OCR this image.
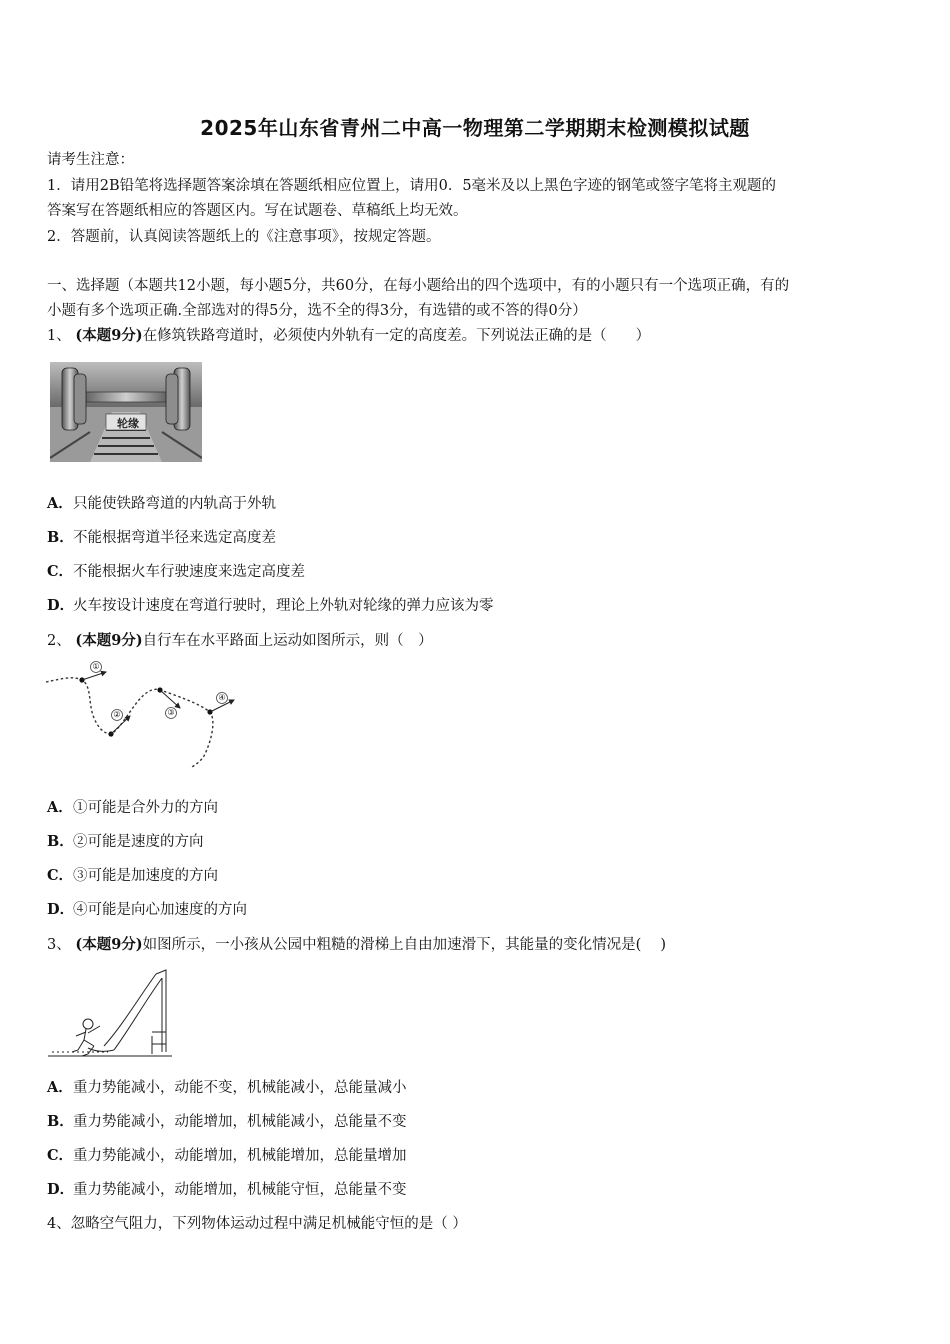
2025年山东省青州二中高一物理第二学期期末检测模拟试题
请考生注意：
1．请用2B铅笔将选择题答案涂填在答题纸相应位置上，请用0．5毫米及以上黑色字迹的钢笔或签字笔将主观题的
答案写在答题纸相应的答题区内。写在试题卷、草稿纸上均无效。
2．答题前，认真阅读答题纸上的《注意事项》，按规定答题。
一、选择题（本题共12小题，每小题5分，共60分，在每小题给出的四个选项中，有的小题只有一个选项正确，有的
小题有多个选项正确.全部选对的得5分，选不全的得3分，有选错的或不答的得0分）
1、 (本题9分)在修筑铁路弯道时，必须使内外轨有一定的高度差。下列说法正确的是（　　）
轮缘
A．只能使铁路弯道的内轨高于外轨
B．不能根据弯道半径来选定高度差
C．不能根据火车行驶速度来选定高度差
D．火车按设计速度在弯道行驶时，理论上外轨对轮缘的弹力应该为零
2、 (本题9分)自行车在水平路面上运动如图所示，则（　）
①
②	③
④
A．①可能是合外力的方向
B．②可能是速度的方向
C．③可能是加速度的方向
D．④可能是向心加速度的方向
3、 (本题9分)如图所示，一小孩从公园中粗糙的滑梯上自由加速滑下，其能量的变化情况是(　 )
A．重力势能减小，动能不变，机械能减小，总能量减小
B．重力势能减小，动能增加，机械能减小，总能量不变
C．重力势能减小，动能增加，机械能增加，总能量增加
D．重力势能减小，动能增加，机械能守恒，总能量不变
4、忽略空气阻力，下列物体运动过程中满足机械能守恒的是（ ）
